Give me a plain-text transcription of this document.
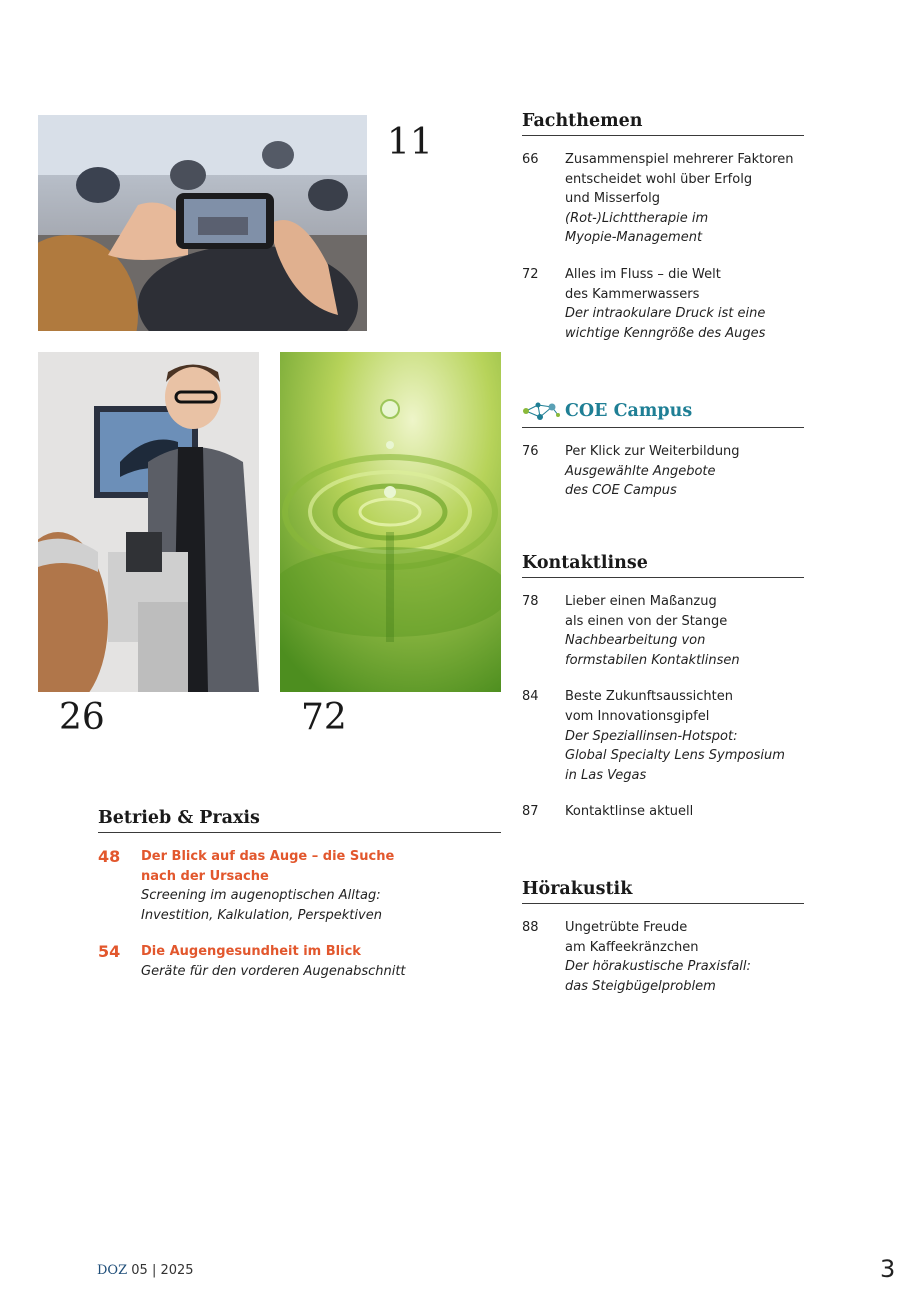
11
26	72
Fachthemen
66	Zusammenspiel mehrerer Faktoren
entscheidet wohl über Erfolg
und Misserfolg
(Rot-)Lichttherapie im
Myopie-Management
72	Alles im Fluss – die Welt
des Kammerwassers
Der intraokulare Druck ist eine
wichtige Kenngröße des Auges
COE Campus
76	Per Klick zur Weiterbildung
Ausgewählte Angebote
des COE Campus
Kontaktlinse
78	Lieber einen Maßanzug
als einen von der Stange
Nachbearbeitung von
formstabilen Kontaktlinsen
84	Beste Zukunftsaussichten
vom Innovationsgipfel
Der Speziallinsen-Hotspot:
Global Specialty Lens Symposium
in Las Vegas
87	Kontaktlinse aktuell
Hörakustik
88	Ungetrübte Freude
am Kaffeekränzchen
Der hörakustische Praxisfall:
das Steigbügelproblem
Betrieb & Praxis
48	Der Blick auf das Auge – die Suche
nach der Ursache
Screening im augenoptischen Alltag:
Investition, Kalkulation, Perspektiven
54	Die Augengesundheit im Blick
Geräte für den vorderen Augenabschnitt
DOZ 05 | 2025	3
